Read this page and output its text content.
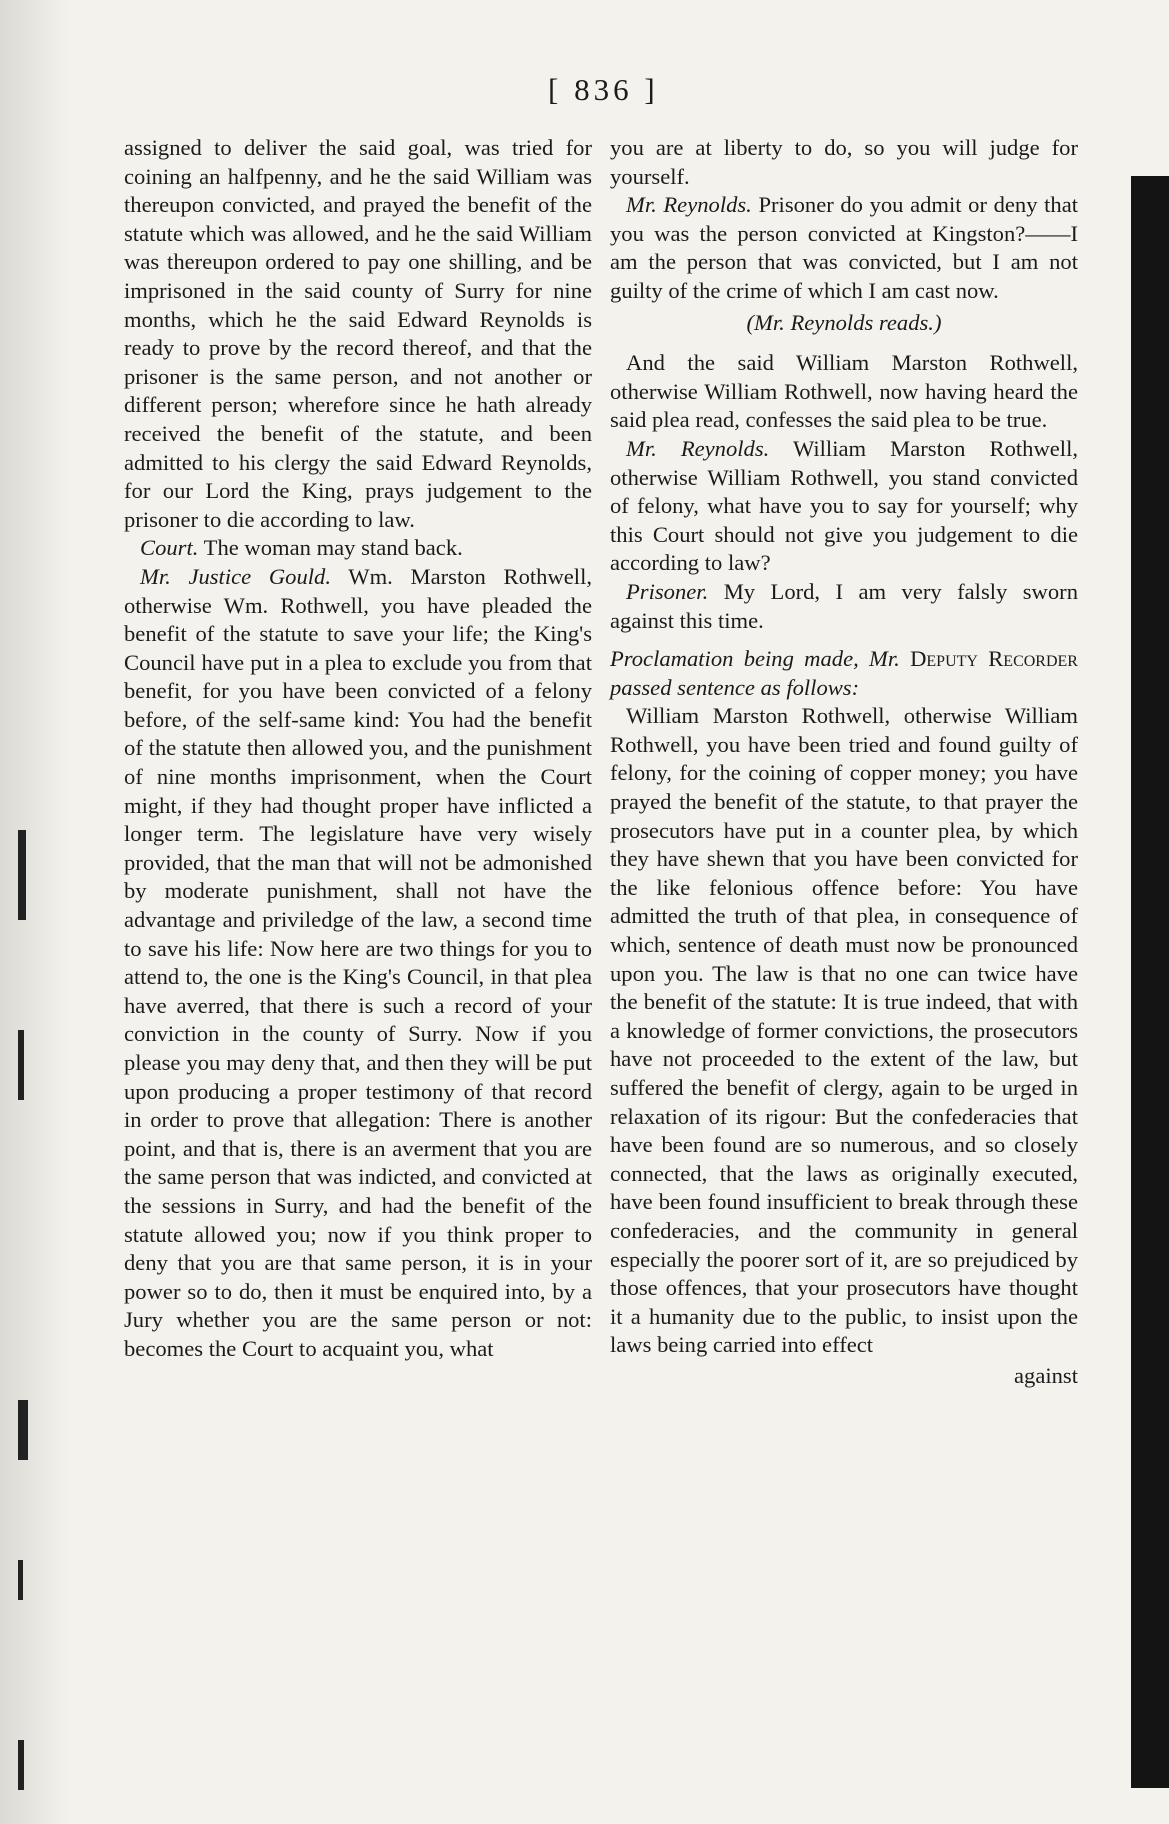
[ 836 ]

assigned to deliver the said goal, was tried for coining an halfpenny, and he the said William was thereupon convicted, and prayed the benefit of the statute which was allowed, and he the said William was thereupon ordered to pay one shilling, and be imprisoned in the said county of Surry for nine months, which he the said Edward Reynolds is ready to prove by the record thereof, and that the prisoner is the same person, and not another or different person; wherefore since he hath already received the benefit of the statute, and been admitted to his clergy the said Edward Reynolds, for our Lord the King, prays judgement to the prisoner to die according to law.

Court. The woman may stand back.

Mr. Justice Gould. Wm. Marston Rothwell, otherwise Wm. Rothwell, you have pleaded the benefit of the statute to save your life; the King's Council have put in a plea to exclude you from that benefit, for you have been convicted of a felony before, of the self-same kind: You had the benefit of the statute then allowed you, and the punishment of nine months imprisonment, when the Court might, if they had thought proper have inflicted a longer term. The legislature have very wisely provided, that the man that will not be admonished by moderate punishment, shall not have the advantage and priviledge of the law, a second time to save his life: Now here are two things for you to attend to, the one is the King's Council, in that plea have averred, that there is such a record of your conviction in the county of Surry. Now if you please you may deny that, and then they will be put upon producing a proper testimony of that record in order to prove that allegation: There is another point, and that is, there is an averment that you are the same person that was indicted, and convicted at the sessions in Surry, and had the benefit of the statute allowed you; now if you think proper to deny that you are that same person, it is in your power so to do, then it must be enquired into, by a Jury whether you are the same person or not: becomes the Court to acquaint you, what

you are at liberty to do, so you will judge for yourself.

Mr. Reynolds. Prisoner do you admit or deny that you was the person convicted at Kingston?——I am the person that was convicted, but I am not guilty of the crime of which I am cast now.

(Mr. Reynolds reads.)

And the said William Marston Rothwell, otherwise William Rothwell, now having heard the said plea read, confesses the said plea to be true.

Mr. Reynolds. William Marston Rothwell, otherwise William Rothwell, you stand convicted of felony, what have you to say for yourself; why this Court should not give you judgement to die according to law?

Prisoner. My Lord, I am very falsly sworn against this time.

Proclamation being made, Mr. Deputy Recorder passed sentence as follows:

William Marston Rothwell, otherwise William Rothwell, you have been tried and found guilty of felony, for the coining of copper money; you have prayed the benefit of the statute, to that prayer the prosecutors have put in a counter plea, by which they have shewn that you have been convicted for the like felonious offence before: You have admitted the truth of that plea, in consequence of which, sentence of death must now be pronounced upon you. The law is that no one can twice have the benefit of the statute: It is true indeed, that with a knowledge of former convictions, the prosecutors have not proceeded to the extent of the law, but suffered the benefit of clergy, again to be urged in relaxation of its rigour: But the confederacies that have been found are so numerous, and so closely connected, that the laws as originally executed, have been found insufficient to break through these confederacies, and the community in general especially the poorer sort of it, are so prejudiced by those offences, that your prosecutors have thought it a humanity due to the public, to insist upon the laws being carried into effect

against
